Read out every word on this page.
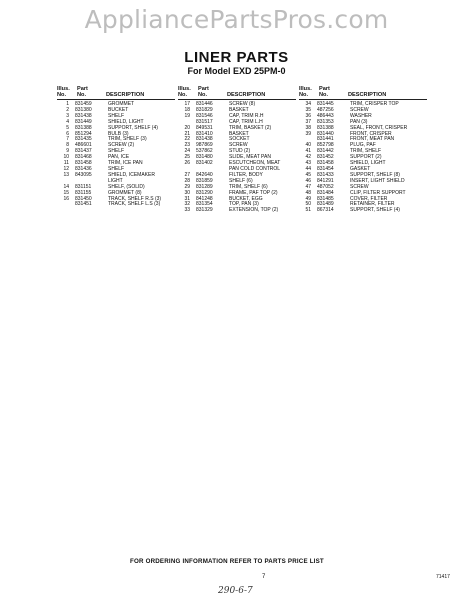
AppliancePartsPros.com
LINER PARTS
For Model EXD 25PM-0
Illus.	Part
No.	No.	DESCRIPTION
1	831459	GROMMET
2	831380	BUCKET
3	831438	SHELF
4	831449	SHIELD, LIGHT
5	831388	SUPPORT, SHELF (4)
6	851294	BULB (3)
7	831435	TRIM, SHELF (3)
8	486601	SCREW (2)
9	831437	SHELF
10	831468	PAN, ICE
11	831458	TRIM, ICE PAN
12	831436	SHELF
13	843095	SHIELD, ICEMAKER
LIGHT
14	831151	SHELF, (SOLID)
15	831155	GROMMET (8)
16	831450	TRACK, SHELF R.S (3)
831451	TRACK, SHELF L.S (3)
Illus.	Part
No.	No.	DESCRIPTION
17	831446	SCREW (8)
18	831829	BASKET
19	831546	CAP, TRIM R.H
831517	CAP, TRIM L.H
20	849531	TRIM, BASKET (2)
21	831410	BASKET
22	831438	SOCKET
23	987869	SCREW
24	537862	STUD (2)
25	831480	SLIDE, MEAT PAN
26	831402	ESCUTCHEON, MEAT
PAN COLD CONTROL
27	842640	FILTER, BODY
28	831859	SHELF (6)
29	831289	TRIM, SHELF (6)
30	831290	FRAME, PAF TOP (2)
31	841248	BUCKET, EGG
32	831354	TOP, PAN (3)
33	831329	EXTENSION, TOP (2)
Illus.	Part
No.	No.	DESCRIPTION
34	831445	TRIM, CRISPER TOP
35	487256	SCREW
36	486443	WASHER
37	831353	PAN (3)
38	831388	SEAL, FRONT, CRISPER
39	831440	FRONT, CRISPER
831441	FRONT, MEAT PAN
40	852798	PLUG, PAF
41	831442	TRIM, SHELF
42	831452	SUPPORT (2)
43	831458	SHIELD, LIGHT
44	831454	GASKET
45	831433	SUPPORT, SHELF (8)
46	841291	INSERT, LIGHT SHIELD
47	487052	SCREW
48	831484	CLIP, FILTER SUPPORT
49	831485	COVER, FILTER
50	831489	RETAINER, FILTER
51	867314	SUPPORT, SHELF (4)
FOR ORDERING INFORMATION REFER TO PARTS PRICE LIST
7	71417
290-6-7
